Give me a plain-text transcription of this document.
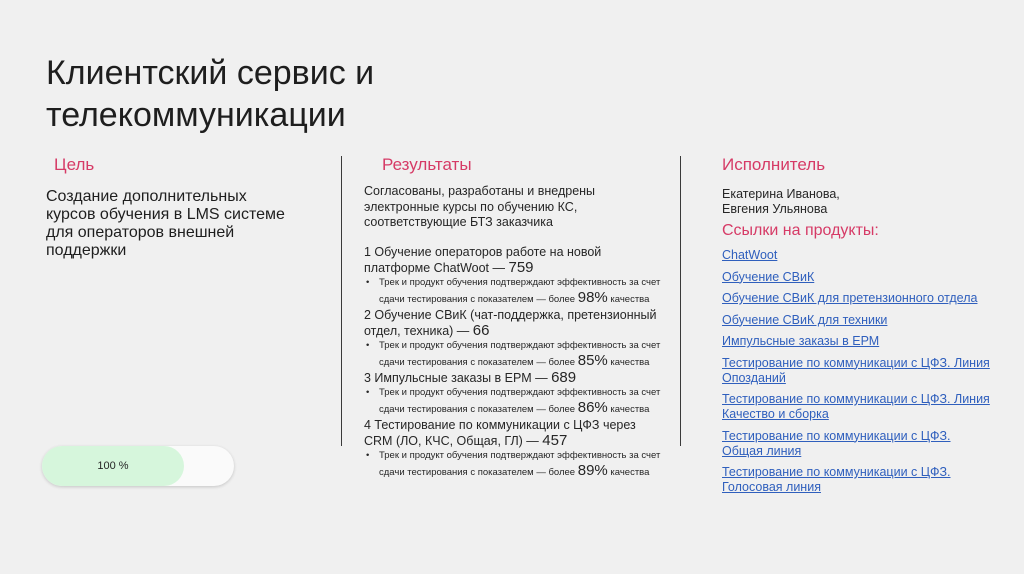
Клиентский сервис и телекоммуникации
Цель
Создание дополнительных курсов обучения в LMS системе для операторов внешней поддержки
100 %
Результаты
Согласованы, разработаны и внедрены электронные курсы по обучению КС, соответствующие БТЗ заказчика
1 Обучение операторов работе на новой платформе ChatWoot — 759
• Трек и продукт обучения подтверждают эффективность за счет сдачи тестирования с показателем — более 98% качества
2 Обучение СВиК (чат-поддержка, претензионный отдел, техника) — 66
• Трек и продукт обучения подтверждают эффективность за счет сдачи тестирования с показателем — более 85% качества
3 Импульсные заказы в ЕРМ — 689
• Трек и продукт обучения подтверждают эффективность за счет сдачи тестирования с показателем — более 86% качества
4 Тестирование по коммуникации с ЦФЗ через CRM (ЛО, КЧС, Общая, ГЛ) — 457
• Трек и продукт обучения подтверждают эффективность за счет сдачи тестирования с показателем — более 89% качества
Исполнитель
Екатерина Иванова,
Евгения Ульянова
Ссылки на продукты:
ChatWoot
Обучение СВиК
Обучение СВиК для претензионного отдела
Обучение СВиК для техники
Импульсные заказы в ЕРМ
Тестирование по коммуникации с ЦФЗ. Линия Опозданий
Тестирование по коммуникации с ЦФЗ. Линия Качество и сборка
Тестирование по коммуникации с ЦФЗ. Общая линия
Тестирование по коммуникации с ЦФЗ. Голосовая линия
